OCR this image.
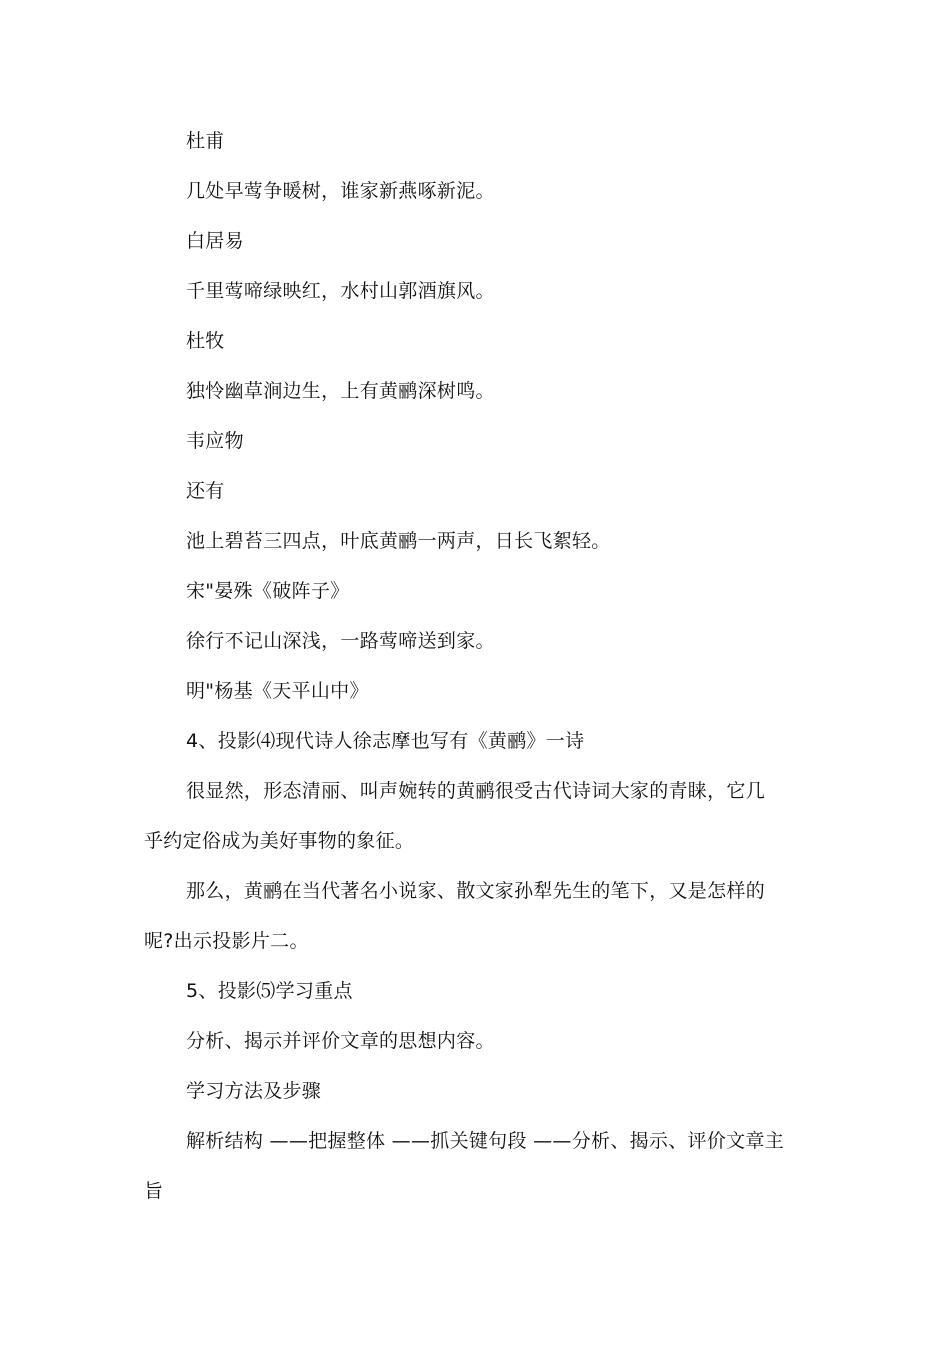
杜甫

几处早莺争暖树，谁家新燕啄新泥。

白居易

千里莺啼绿映红，水村山郭酒旗风。

杜牧

独怜幽草涧边生，上有黄鹂深树鸣。

韦应物

还有

池上碧苔三四点，叶底黄鹂一两声，日长飞絮轻。

宋"晏殊《破阵子》

徐行不记山深浅，一路莺啼送到家。

明"杨基《天平山中》

4、投影⑷现代诗人徐志摩也写有《黄鹂》一诗

很显然，形态清丽、叫声婉转的黄鹂很受古代诗词大家的青睐，它几

乎约定俗成为美好事物的象征。

那么，黄鹂在当代著名小说家、散文家孙犁先生的笔下，又是怎样的

呢?出示投影片二。

5、投影⑸学习重点

分析、揭示并评价文章的思想内容。

学习方法及步骤

解析结构 ——把握整体 ——抓关键句段 ——分析、揭示、评价文章主

旨
